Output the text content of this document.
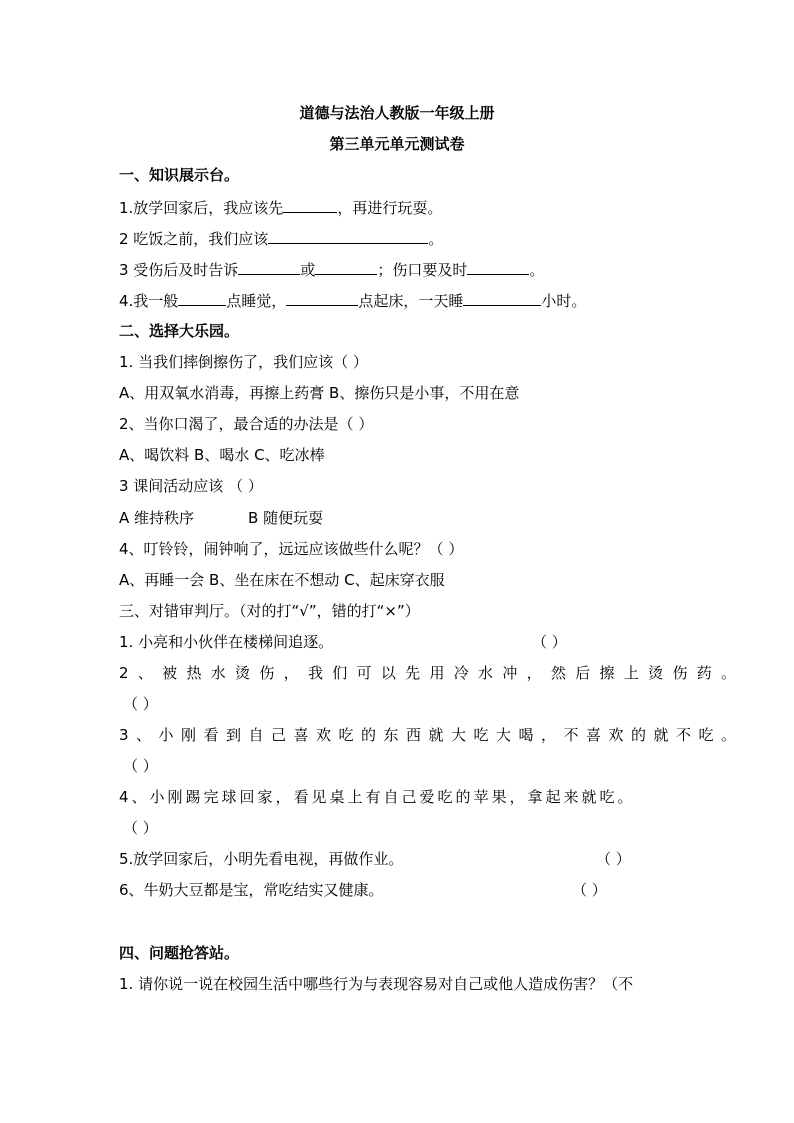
道德与法治人教版一年级上册
第三单元单元测试卷
一、知识展示台。
1.放学回家后，我应该先	，再进行玩耍。
2 吃饭之前，我们应该	。
3 受伤后及时告诉	或	；伤口要及时	。
4.我一般	点睡觉，	点起床，一天睡	小时。
二、选择大乐园。
1. 当我们摔倒擦伤了，我们应该（ ）
A、用双氧水消毒，再擦上药膏 B、擦伤只是小事，不用在意
2、当你口渴了，最合适的办法是（ ）
A、喝饮料 B、喝水 C、吃冰棒
3 课间活动应该 （ ）
A 维持秩序	B 随便玩耍
4、叮铃铃，闹钟响了，远远应该做些什么呢？（ ）
A、再睡一会 B、坐在床在不想动 C、起床穿衣服
三、对错审判厅。（对的打“√”，错的打“×”）
1. 小亮和小伙伴在楼梯间追逐。	（ ）
2、被热水烫伤，我们可以先用冷水冲，然后擦上烫伤药。
（ ）
3、小刚看到自己喜欢吃的东西就大吃大喝，不喜欢的就不吃。
（ ）
4、小刚踢完球回家，看见桌上有自己爱吃的苹果，拿起来就吃。
（ ）
5.放学回家后，小明先看电视，再做作业。	（ ）
6、牛奶大豆都是宝，常吃结实又健康。	（ ）
四、问题抢答站。
1. 请你说一说在校园生活中哪些行为与表现容易对自己或他人造成伤害？（不
